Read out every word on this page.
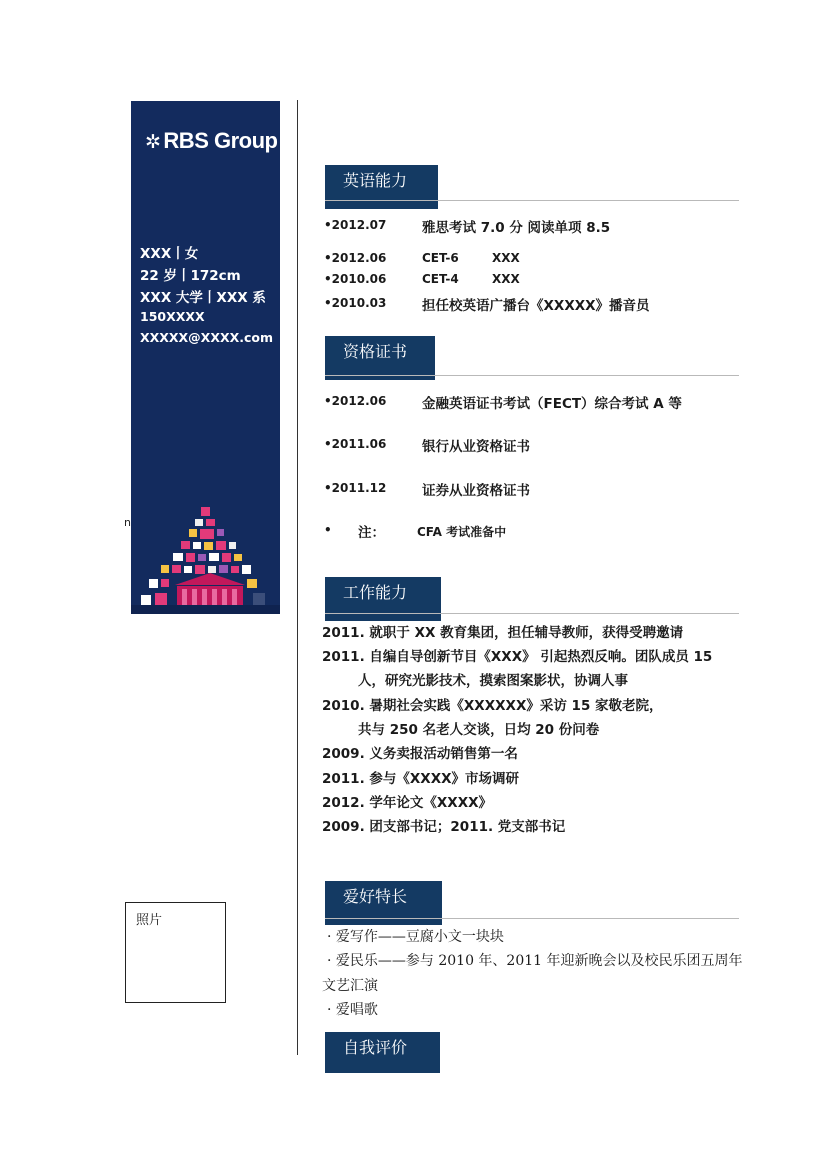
✲ RBS Group
XXX丨女
22 岁丨172cm
XXX 大学丨XXX 系
150XXXX
XXXXX@XXXX.com
n
英语能力
•2012.07	雅思考试 7.0 分 阅读单项 8.5
•2012.06	CET-6	XXX
•2010.06	CET-4	XXX
•2010.03	担任校英语广播台《XXXXX》播音员
资格证书
•2012.06	金融英语证书考试（FECT）综合考试 A 等
•2011.06	银行从业资格证书
•2011.12	证券从业资格证书
• 注：	CFA 考试准备中
工作能力
2011. 就职于 XX 教育集团，担任辅导教师，获得受聘邀请
2011. 自编自导创新节目《XXX》 引起热烈反响。团队成员 15
人，研究光影技术，摸索图案影状，协调人事
2010. 暑期社会实践《XXXXXX》采访 15 家敬老院，
共与 250 名老人交谈，日均 20 份问卷
2009. 义务卖报活动销售第一名
2011. 参与《XXXX》市场调研
2012. 学年论文《XXXX》
2009. 团支部书记；2011. 党支部书记
爱好特长
· 爱写作——豆腐小文一块块
· 爱民乐——参与 2010 年、2011 年迎新晚会以及校民乐团五周年
文艺汇演
· 爱唱歌
自我评价
照片
